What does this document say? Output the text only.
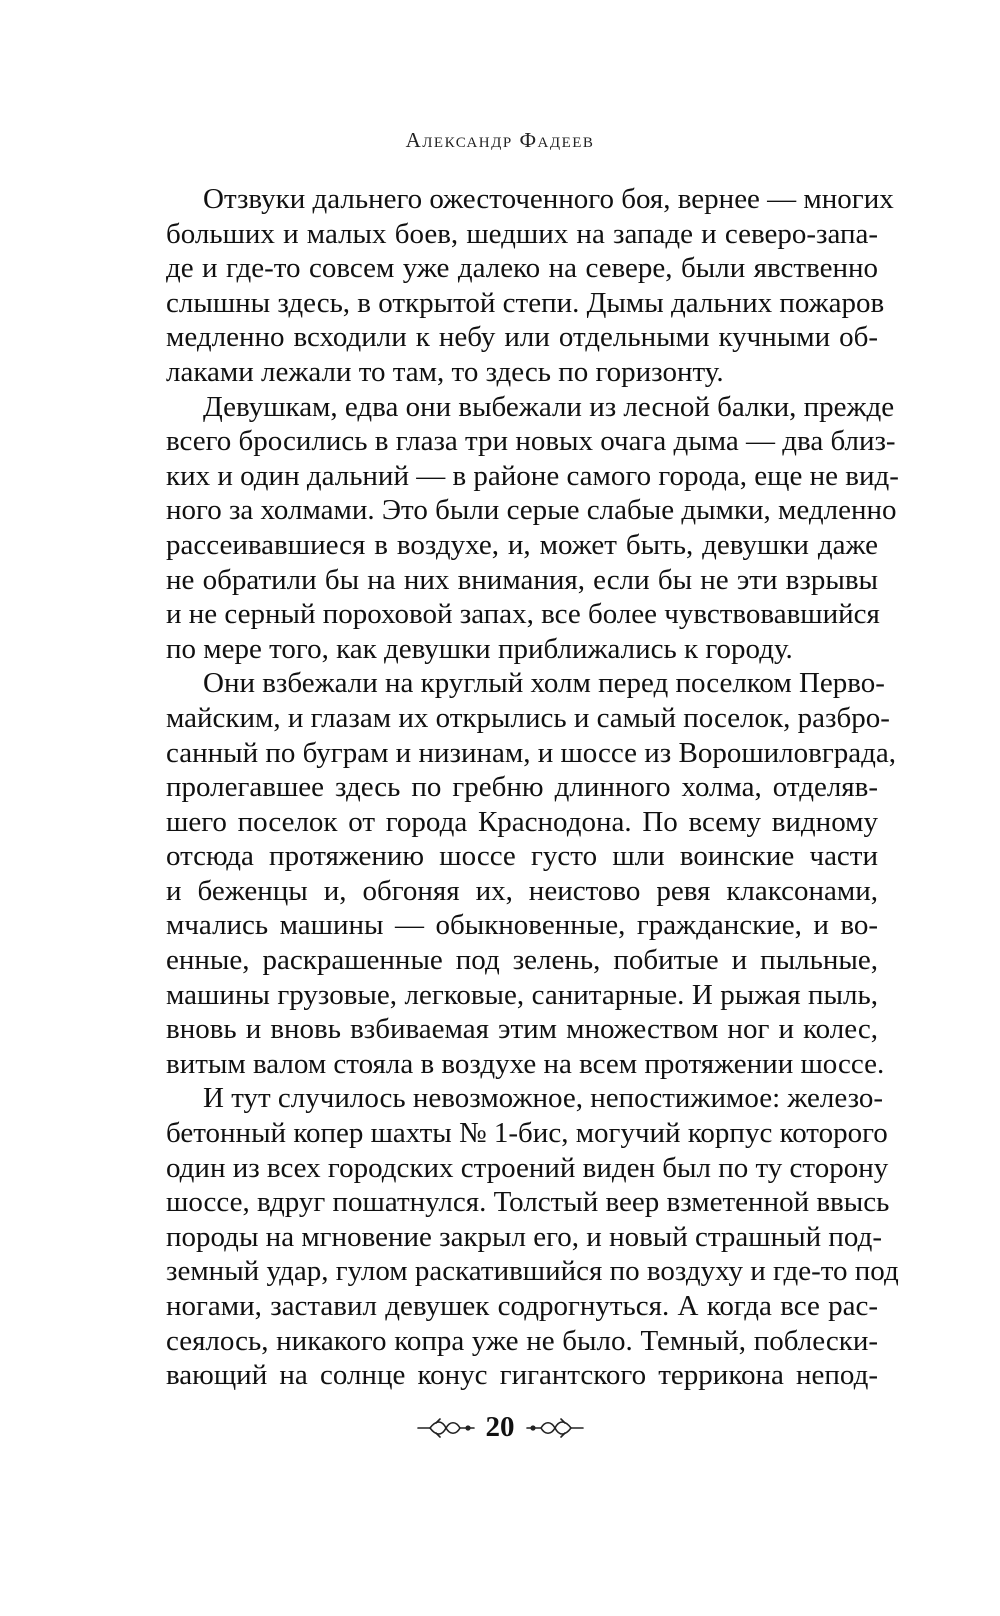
Александр Фадеев

Отзвуки дальнего ожесточенного боя, вернее — многих
больших и малых боев, шедших на западе и северо-запа-
де и где-то совсем уже далеко на севере, были явственно
слышны здесь, в открытой степи. Дымы дальних пожаров
медленно всходили к небу или отдельными кучными об-
лаками лежали то там, то здесь по горизонту.

Девушкам, едва они выбежали из лесной балки, прежде
всего бросились в глаза три новых очага дыма — два близ-
ких и один дальний — в районе самого города, еще не вид-
ного за холмами. Это были серые слабые дымки, медленно
рассеивавшиеся в воздухе, и, может быть, девушки даже
не обратили бы на них внимания, если бы не эти взрывы
и не серный пороховой запах, все более чувствовавшийся
по мере того, как девушки приближались к городу.

Они взбежали на круглый холм перед поселком Перво-
майским, и глазам их открылись и самый поселок, разбро-
санный по буграм и низинам, и шоссе из Ворошиловграда,
пролегавшее здесь по гребню длинного холма, отделяв-
шего поселок от города Краснодона. По всему видному
отсюда протяжению шоссе густо шли воинские части
и беженцы и, обгоняя их, неистово ревя клаксонами,
мчались машины — обыкновенные, гражданские, и во-
енные, раскрашенные под зелень, побитые и пыльные,
машины грузовые, легковые, санитарные. И рыжая пыль,
вновь и вновь взбиваемая этим множеством ног и колес,
витым валом стояла в воздухе на всем протяжении шоссе.

И тут случилось невозможное, непостижимое: железо-
бетонный копер шахты № 1-бис, могучий корпус которого
один из всех городских строений виден был по ту сторону
шоссе, вдруг пошатнулся. Толстый веер взметенной ввысь
породы на мгновение закрыл его, и новый страшный под-
земный удар, гулом раскатившийся по воздуху и где-то под
ногами, заставил девушек содрогнуться. А когда все рас-
сеялось, никакого копра уже не было. Темный, поблески-
вающий на солнце конус гигантского террикона непод-

20
